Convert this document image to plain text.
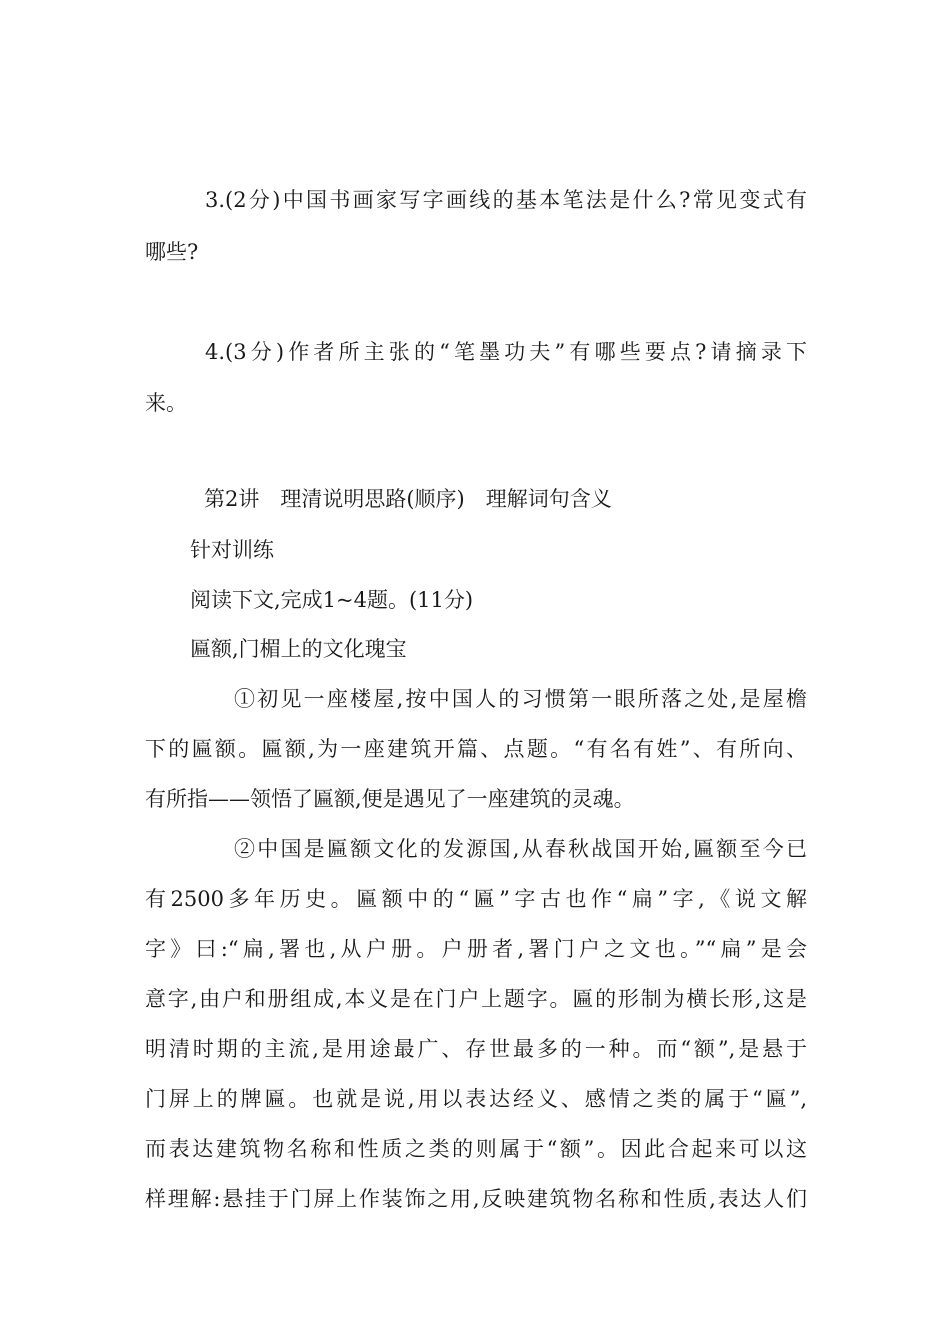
3.(2分)中国书画家写字画线的基本笔法是什么?常见变式有
哪些?
4.(3分)作者所主张的“笔墨功夫”有哪些要点?请摘录下
来。
第2讲　理清说明思路(顺序)　理解词句含义
针对训练
阅读下文,完成1~4题。(11分)
匾额,门楣上的文化瑰宝
①初见一座楼屋,按中国人的习惯第一眼所落之处,是屋檐
下的匾额。匾额,为一座建筑开篇、点题。“有名有姓”、有所向、
有所指——领悟了匾额,便是遇见了一座建筑的灵魂。
②中国是匾额文化的发源国,从春秋战国开始,匾额至今已
有2500多年历史。匾额中的“匾”字古也作“扁”字,《说文解
字》曰:“扁,署也,从户册。户册者,署门户之文也。”“扁”是会
意字,由户和册组成,本义是在门户上题字。匾的形制为横长形,这是
明清时期的主流,是用途最广、存世最多的一种。而“额”,是悬于
门屏上的牌匾。也就是说,用以表达经义、感情之类的属于“匾”,
而表达建筑物名称和性质之类的则属于“额”。因此合起来可以这
样理解:悬挂于门屏上作装饰之用,反映建筑物名称和性质,表达人们
